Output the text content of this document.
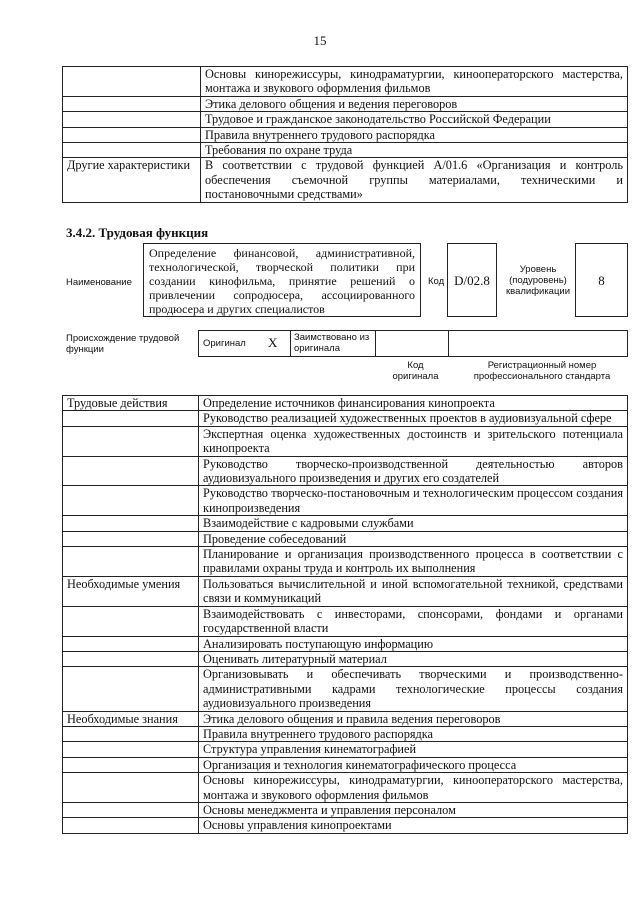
15
	Основы кинорежиссуры, кинодраматургии, кинооператорского мастерства, монтажа и звукового оформления фильмов
	Этика делового общения и ведения переговоров
	Трудовое и гражданское законодательство Российской Федерации
	Правила внутреннего трудового распорядка
	Требования по охране труда
Другие характеристики	В соответствии с трудовой функцией А/01.6 «Организация и контроль обеспечения съемочной группы материалами, техническими и постановочными средствами»
3.4.2. Трудовая функция
Наименование
Определение финансовой, административной, технологической, творческой политики при создании кинофильма, принятие решений о привлечении сопродюсера, ассоциированного продюсера и других специалистов
Код D/02.8
Уровень (подуровень) квалификации
8
Происхождение трудовой функции
Оригинал X Заимствовано из оригинала
Код оригинала
Регистрационный номер профессионального стандарта
Трудовые действия	Определение источников финансирования кинопроекта
	Руководство реализацией художественных проектов в аудиовизуальной сфере
	Экспертная оценка художественных достоинств и зрительского потенциала кинопроекта
	Руководство творческо-производственной деятельностью авторов аудиовизуального произведения и других его создателей
	Руководство творческо-постановочным и технологическим процессом создания кинопроизведения
	Взаимодействие с кадровыми службами
	Проведение собеседований
	Планирование и организация производственного процесса в соответствии с правилами охраны труда и контроль их выполнения
Необходимые умения	Пользоваться вычислительной и иной вспомогательной техникой, средствами связи и коммуникаций
	Взаимодействовать с инвесторами, спонсорами, фондами и органами государственной власти
	Анализировать поступающую информацию
	Оценивать литературный материал
	Организовывать и обеспечивать творческими и производственно-административными кадрами технологические процессы создания аудиовизуального произведения
Необходимые знания	Этика делового общения и правила ведения переговоров
	Правила внутреннего трудового распорядка
	Структура управления кинематографией
	Организация и технология кинематографического процесса
	Основы кинорежиссуры, кинодраматургии, кинооператорского мастерства, монтажа и звукового оформления фильмов
	Основы менеджмента и управления персоналом
	Основы управления кинопроектами
